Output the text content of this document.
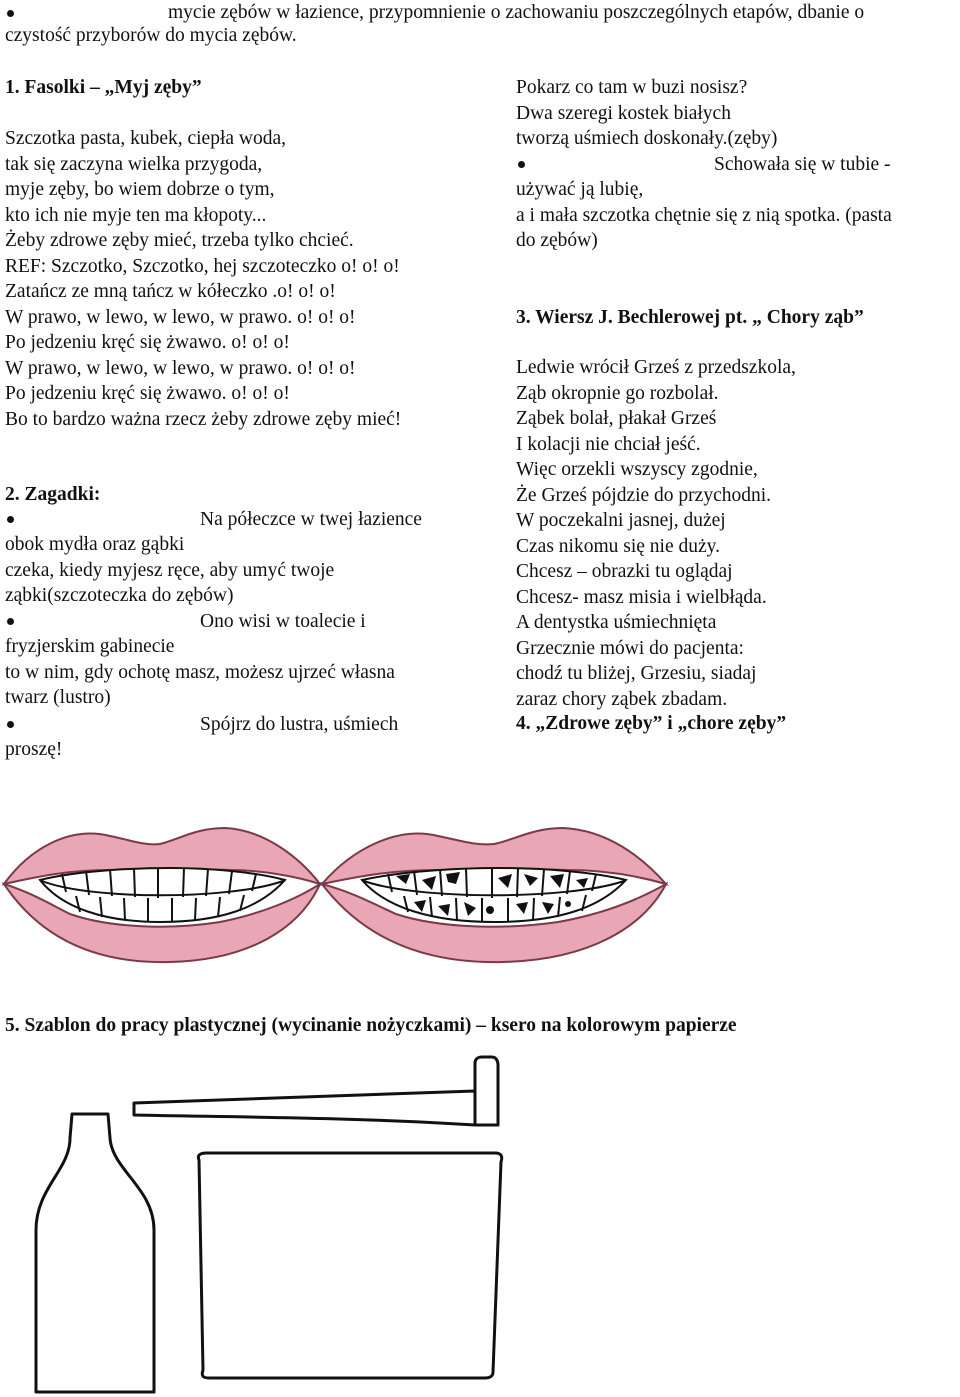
mycie zębów w łazience, przypomnienie o zachowaniu poszczególnych etapów, dbanie o
czystość przyborów do mycia zębów.
1. Fasolki – „Myj zęby”
Szczotka pasta, kubek, ciepła woda,
tak się zaczyna wielka przygoda,
myje zęby, bo wiem dobrze o tym,
kto ich nie myje ten ma kłopoty...
Żeby zdrowe zęby mieć, trzeba tylko chcieć.
REF: Szczotko, Szczotko, hej szczoteczko o! o! o!
Zatańcz ze mną tańcz w kółeczko .o! o! o!
W prawo, w lewo, w lewo, w prawo. o! o! o!
Po jedzeniu kręć się żwawo. o! o! o!
W prawo, w lewo, w lewo, w prawo. o! o! o!
Po jedzeniu kręć się żwawo. o! o! o!
Bo to bardzo ważna rzecz żeby zdrowe zęby mieć!
2. Zagadki:
Na półeczce w twej łazience
obok mydła oraz gąbki
czeka, kiedy myjesz ręce, aby umyć twoje
ząbki(szczoteczka do zębów)
Ono wisi w toalecie i
fryzjerskim gabinecie
to w nim, gdy ochotę masz, możesz ujrzeć własna
twarz (lustro)
Spójrz do lustra, uśmiech
proszę!
Pokarz co tam w buzi nosisz?
Dwa szeregi kostek białych
tworzą uśmiech doskonały.(zęby)
Schowała się w tubie -
używać ją lubię,
a i mała szczotka chętnie się z nią spotka. (pasta
do zębów)
3. Wiersz J. Bechlerowej pt. „ Chory ząb”
Ledwie wrócił Grześ z przedszkola,
Ząb okropnie go rozbolał.
Ząbek bolał, płakał Grześ
I kolacji nie chciał jeść.
Więc orzekli wszyscy zgodnie,
Że Grześ pójdzie do przychodni.
W poczekalni jasnej, dużej
Czas nikomu się nie duży.
Chcesz – obrazki tu oglądaj
Chcesz- masz misia i wielbłąda.
A dentystka uśmiechnięta
Grzecznie mówi do pacjenta:
chodź tu bliżej, Grzesiu, siadaj
zaraz chory ząbek zbadam.
4. „Zdrowe zęby” i „chore zęby”
5. Szablon do pracy plastycznej (wycinanie nożyczkami) – ksero na kolorowym papierze
